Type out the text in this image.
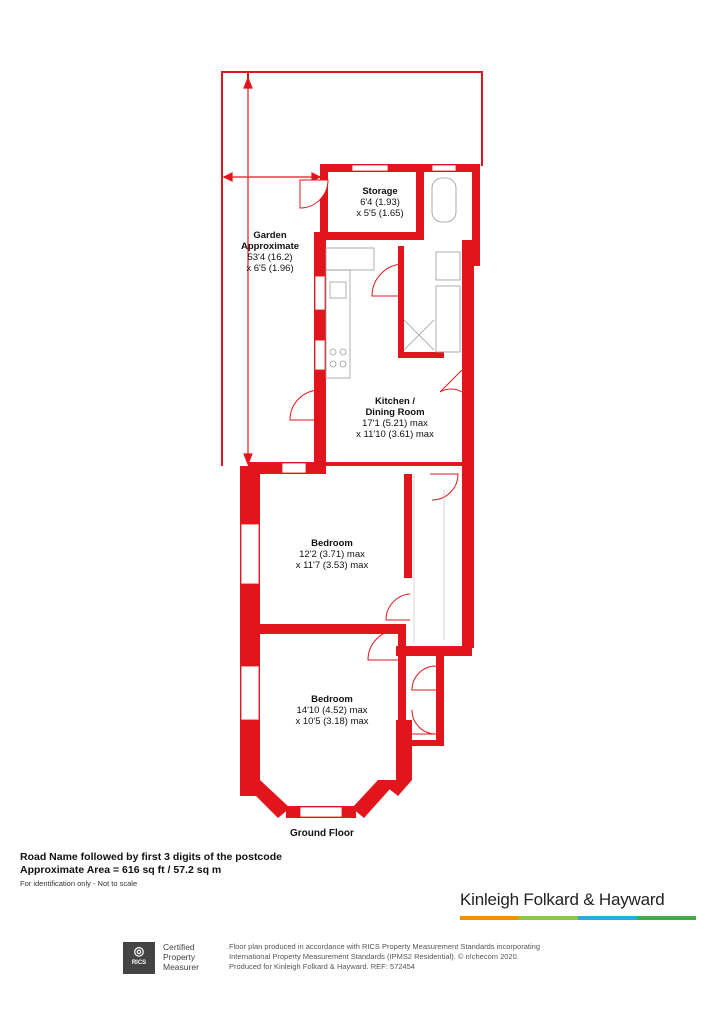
Storage
6'4 (1.93)
x 5'5 (1.65)
Garden
Approximate
53'4 (16.2)
x 6'5 (1.96)
Kitchen /
Dining Room
17'1 (5.21) max
x 11'10 (3.61) max
Bedroom
12'2 (3.71) max
x 11'7 (3.53) max
Bedroom
14'10 (4.52) max
x 10'5 (3.18) max
Ground Floor
Road Name followed by first 3 digits of the postcode
Approximate Area = 616 sq ft / 57.2 sq m
For identification only - Not to scale
Kinleigh Folkard & Hayward
◎
RICS
Certified
Property
Measurer
Floor plan produced in accordance with RICS Property Measurement Standards incorporating
International Property Measurement Standards (IPMS2 Residential). © n!checom 2020.
Produced for Kinleigh Folkard & Hayward. REF: 572454
